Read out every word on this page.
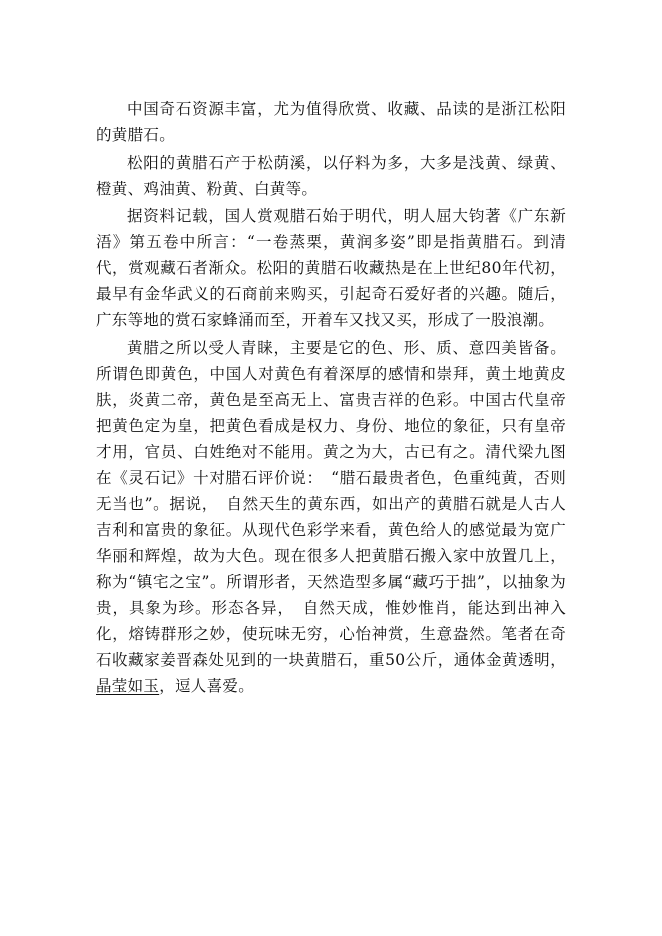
中国奇石资源丰富，尤为值得欣赏、收藏、品读的是浙江松阳的黄腊石。

松阳的黄腊石产于松荫溪，以仔料为多，大多是浅黄、绿黄、橙黄、鸡油黄、粉黄、白黄等。

据资料记载，国人赏观腊石始于明代，明人屈大钧著《广东新浯》第五卷中所言：“一卷蒸栗，黄润多姿”即是指黄腊石。到清代，赏观藏石者渐众。松阳的黄腊石收藏热是在上世纪80年代初，最早有金华武义的石商前来购买，引起奇石爱好者的兴趣。随后，广东等地的赏石家蜂涌而至，开着车又找又买，形成了一股浪潮。

黄腊之所以受人青睐，主要是它的色、形、质、意四美皆备。所谓色即黄色，中国人对黄色有着深厚的感情和崇拜，黄土地黄皮肤，炎黄二帝，黄色是至高无上、富贵吉祥的色彩。中国古代皇帝把黄色定为皇，把黄色看成是权力、身份、地位的象征，只有皇帝才用，官员、白姓绝对不能用。黄之为大，古已有之。清代梁九图在《灵石记》十对腊石评价说：　“腊石最贵者色，色重纯黄，否则无当也”。据说，　自然天生的黄东西，如出产的黄腊石就是人古人吉利和富贵的象征。从现代色彩学来看，黄色给人的感觉最为宽广华丽和辉煌，故为大色。现在很多人把黄腊石搬入家中放置几上，称为“镇宅之宝”。所谓形者，天然造型多属“藏巧于拙”，以抽象为贵，具象为珍。形态各异，　自然天成，惟妙惟肖，能达到出神入化，熔铸群形之妙，使玩味无穷，心怡神赏，生意盎然。笔者在奇石收藏家姜晋森处见到的一块黄腊石，重50公斤，通体金黄透明，晶莹如玉，逗人喜爱。
